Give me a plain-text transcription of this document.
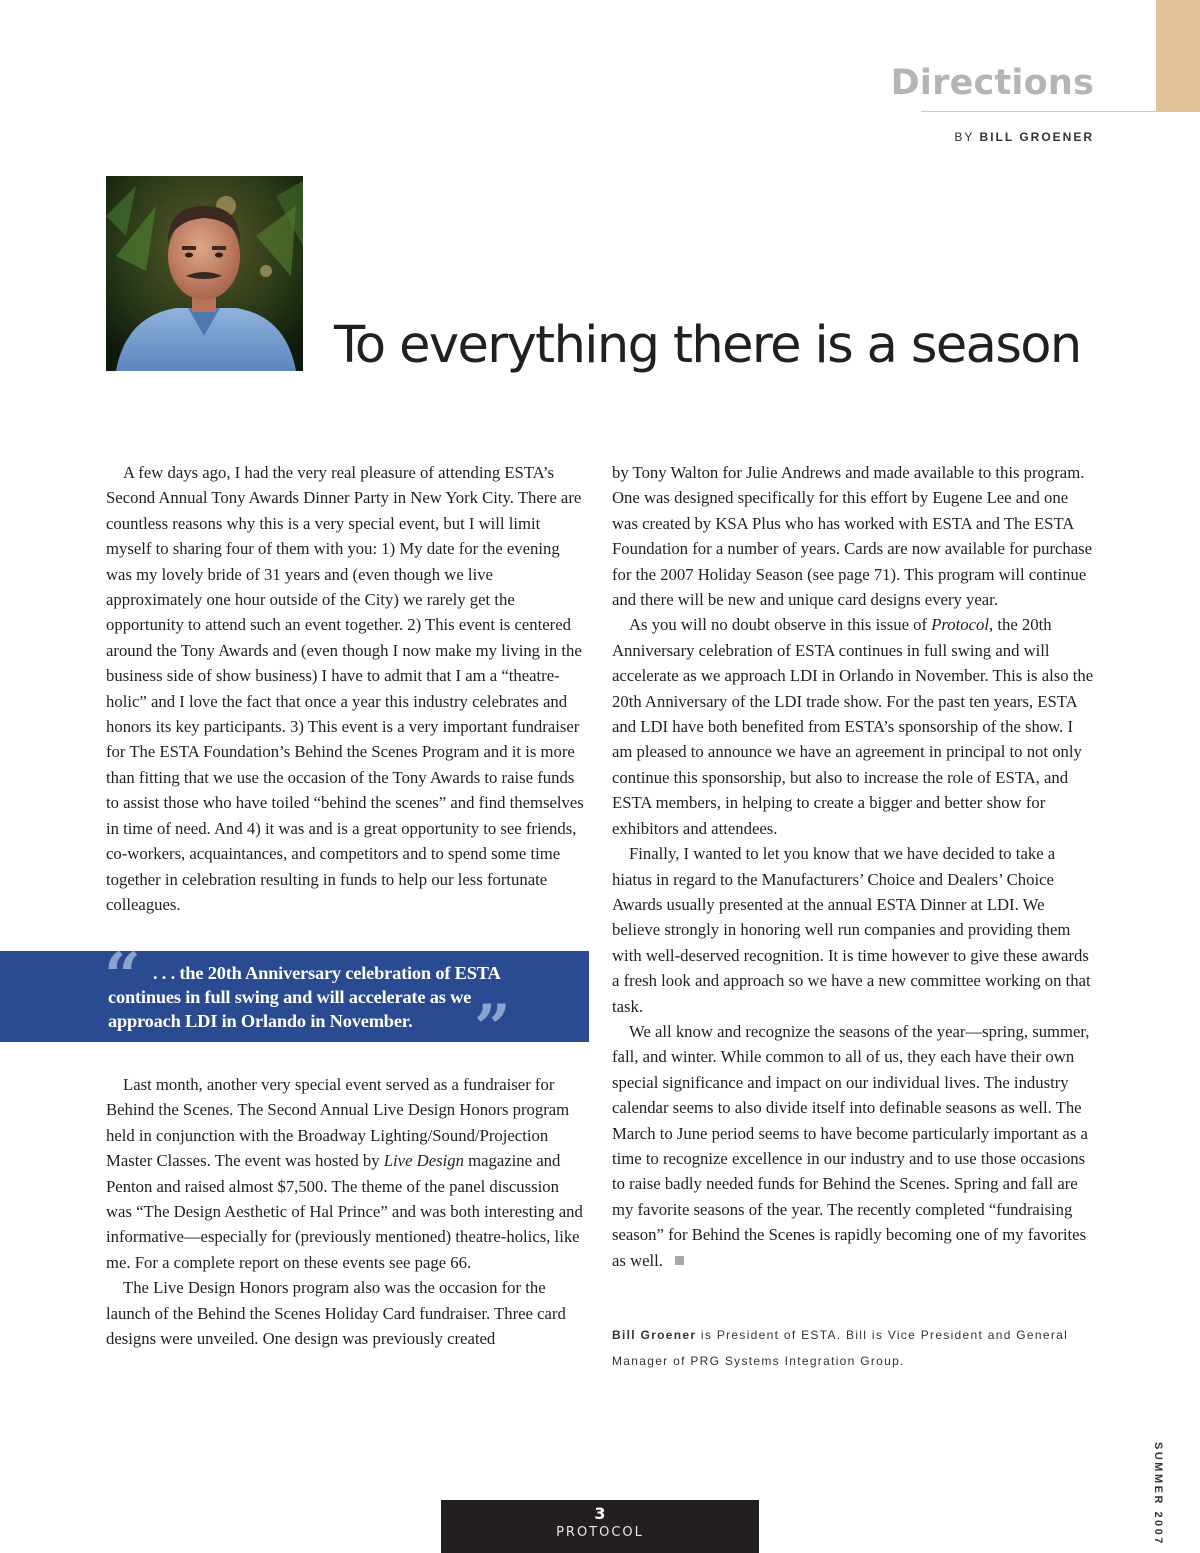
Directions
BY BILL GROENER
To everything there is a season

A few days ago, I had the very real pleasure of attending ESTA’s Second Annual Tony Awards Dinner Party in New York City. There are countless reasons why this is a very special event, but I will limit myself to sharing four of them with you: 1) My date for the evening was my lovely bride of 31 years and (even though we live approximately one hour outside of the City) we rarely get the opportunity to attend such an event together. 2) This event is centered around the Tony Awards and (even though I now make my living in the business side of show business) I have to admit that I am a “theatre-holic” and I love the fact that once a year this industry celebrates and honors its key participants. 3) This event is a very important fundraiser for The ESTA Foundation’s Behind the Scenes Program and it is more than fitting that we use the occasion of the Tony Awards to raise funds to assist those who have toiled “behind the scenes” and find themselves in time of need. And 4) it was and is a great opportunity to see friends, co-workers, acquaintances, and competitors and to spend some time together in celebration resulting in funds to help our less fortunate colleagues.

“ . . . the 20th Anniversary celebration of ESTA continues in full swing and will accelerate as we approach LDI in Orlando in November. ”

Last month, another very special event served as a fundraiser for Behind the Scenes. The Second Annual Live Design Honors program held in conjunction with the Broadway Lighting/Sound/Projection Master Classes. The event was hosted by Live Design magazine and Penton and raised almost $7,500. The theme of the panel discussion was “The Design Aesthetic of Hal Prince” and was both interesting and informative—especially for (previously mentioned) theatre-holics, like me. For a complete report on these events see page 66.

The Live Design Honors program also was the occasion for the launch of the Behind the Scenes Holiday Card fundraiser. Three card designs were unveiled. One design was previously created

by Tony Walton for Julie Andrews and made available to this program. One was designed specifically for this effort by Eugene Lee and one was created by KSA Plus who has worked with ESTA and The ESTA Foundation for a number of years. Cards are now available for purchase for the 2007 Holiday Season (see page 71). This program will continue and there will be new and unique card designs every year.

As you will no doubt observe in this issue of Protocol, the 20th Anniversary celebration of ESTA continues in full swing and will accelerate as we approach LDI in Orlando in November. This is also the 20th Anniversary of the LDI trade show. For the past ten years, ESTA and LDI have both benefited from ESTA’s sponsorship of the show. I am pleased to announce we have an agreement in principal to not only continue this sponsorship, but also to increase the role of ESTA, and ESTA members, in helping to create a bigger and better show for exhibitors and attendees.

Finally, I wanted to let you know that we have decided to take a hiatus in regard to the Manufacturers’ Choice and Dealers’ Choice Awards usually presented at the annual ESTA Dinner at LDI. We believe strongly in honoring well run companies and providing them with well-deserved recognition. It is time however to give these awards a fresh look and approach so we have a new committee working on that task.

We all know and recognize the seasons of the year—spring, summer, fall, and winter. While common to all of us, they each have their own special significance and impact on our individual lives. The industry calendar seems to also divide itself into definable seasons as well. The March to June period seems to have become particularly important as a time to recognize excellence in our industry and to use those occasions to raise badly needed funds for Behind the Scenes. Spring and fall are my favorite seasons of the year. The recently completed “fundraising season” for Behind the Scenes is rapidly becoming one of my favorites as well.

Bill Groener is President of ESTA. Bill is Vice President and General Manager of PRG Systems Integration Group.
SUMMER 2007
3
PROTOCOL
